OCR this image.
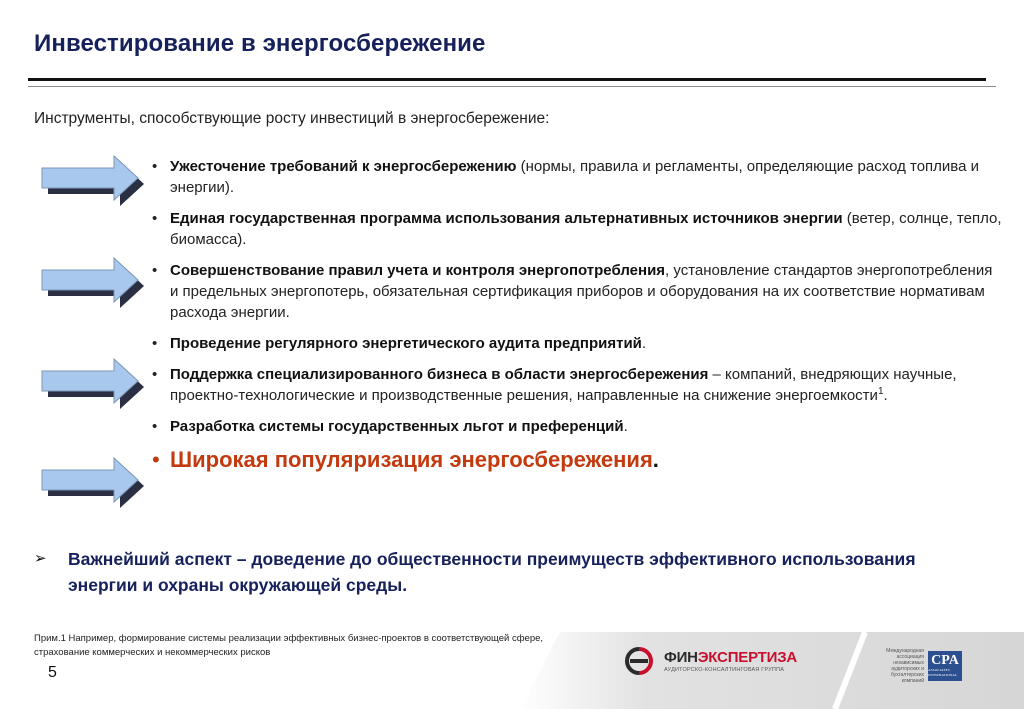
Инвестирование в энергосбережение
Инструменты, способствующие росту инвестиций в энергосбережение:
• Ужесточение требований к энергосбережению (нормы, правила и регламенты, определяющие расход топлива и энергии).
• Единая государственная программа использования альтернативных источников энергии (ветер, солнце, тепло, биомасса).
• Совершенствование правил учета и контроля энергопотребления, установление стандартов энергопотребления и предельных энергопотерь, обязательная сертификация приборов и оборудования на их соответствие нормативам расхода энергии.
• Проведение регулярного энергетического аудита предприятий.
• Поддержка специализированного бизнеса в области энергосбережения – компаний, внедряющих научные, проектно-технологические и производственные решения, направленные на снижение энергоемкости$^1$.
• Разработка системы государственных льгот и преференций.
• Широкая популяризация энергосбережения.
➢	Важнейший аспект – доведение до общественности преимуществ эффективного использования энергии и охраны окружающей среды.
Прим.1 Например, формирование системы реализации эффективных бизнес-проектов в соответствующей сфере,
страхование коммерческих и некоммерческих рисков
5
ФИНЭКСПЕРТИЗА
АУДИТОРСКО-КОНСАЛТИНГОВАЯ ГРУППА
Международная ассоциация независимых аудиторских и бухгалтерских компаний
CPA
ASSOCIATES INTERNATIONAL
